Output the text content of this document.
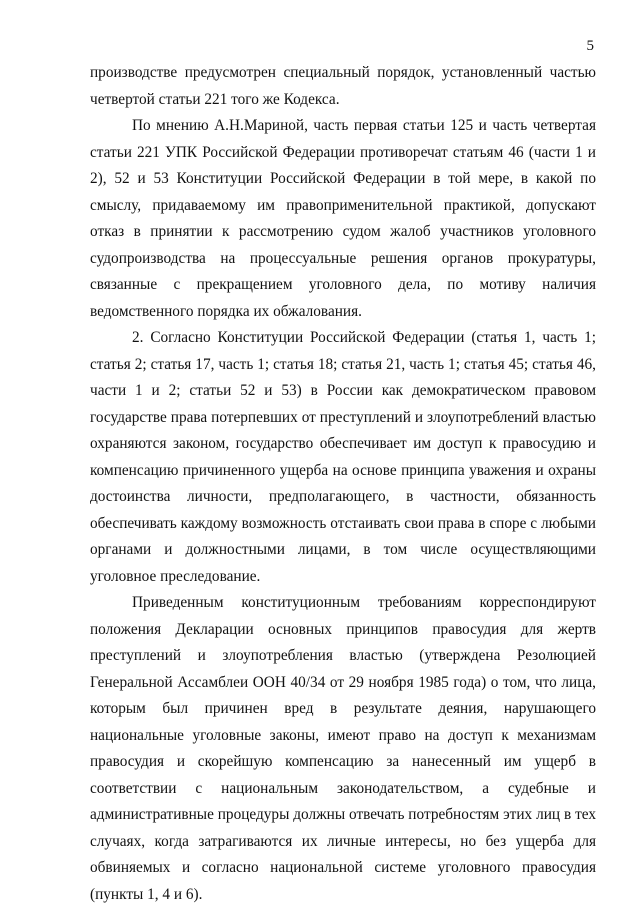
5

производстве предусмотрен специальный порядок, установленный частью четвертой статьи 221 того же Кодекса.

По мнению А.Н.Мариной, часть первая статьи 125 и часть четвертая статьи 221 УПК Российской Федерации противоречат статьям 46 (части 1 и 2), 52 и 53 Конституции Российской Федерации в той мере, в какой по смыслу, придаваемому им правоприменительной практикой, допускают отказ в принятии к рассмотрению судом жалоб участников уголовного судопроизводства на процессуальные решения органов прокуратуры, связанные с прекращением уголовного дела, по мотиву наличия ведомственного порядка их обжалования.

2. Согласно Конституции Российской Федерации (статья 1, часть 1; статья 2; статья 17, часть 1; статья 18; статья 21, часть 1; статья 45; статья 46, части 1 и 2; статьи 52 и 53) в России как демократическом правовом государстве права потерпевших от преступлений и злоупотреблений властью охраняются законом, государство обеспечивает им доступ к правосудию и компенсацию причиненного ущерба на основе принципа уважения и охраны достоинства личности, предполагающего, в частности, обязанность обеспечивать каждому возможность отстаивать свои права в споре с любыми органами и должностными лицами, в том числе осуществляющими уголовное преследование.

Приведенным конституционным требованиям корреспондируют положения Декларации основных принципов правосудия для жертв преступлений и злоупотребления властью (утверждена Резолюцией Генеральной Ассамблеи ООН 40/34 от 29 ноября 1985 года) о том, что лица, которым был причинен вред в результате деяния, нарушающего национальные уголовные законы, имеют право на доступ к механизмам правосудия и скорейшую компенсацию за нанесенный им ущерб в соответствии с национальным законодательством, а судебные и административные процедуры должны отвечать потребностям этих лиц в тех случаях, когда затрагиваются их личные интересы, но без ущерба для обвиняемых и согласно национальной системе уголовного правосудия (пункты 1, 4 и 6).
